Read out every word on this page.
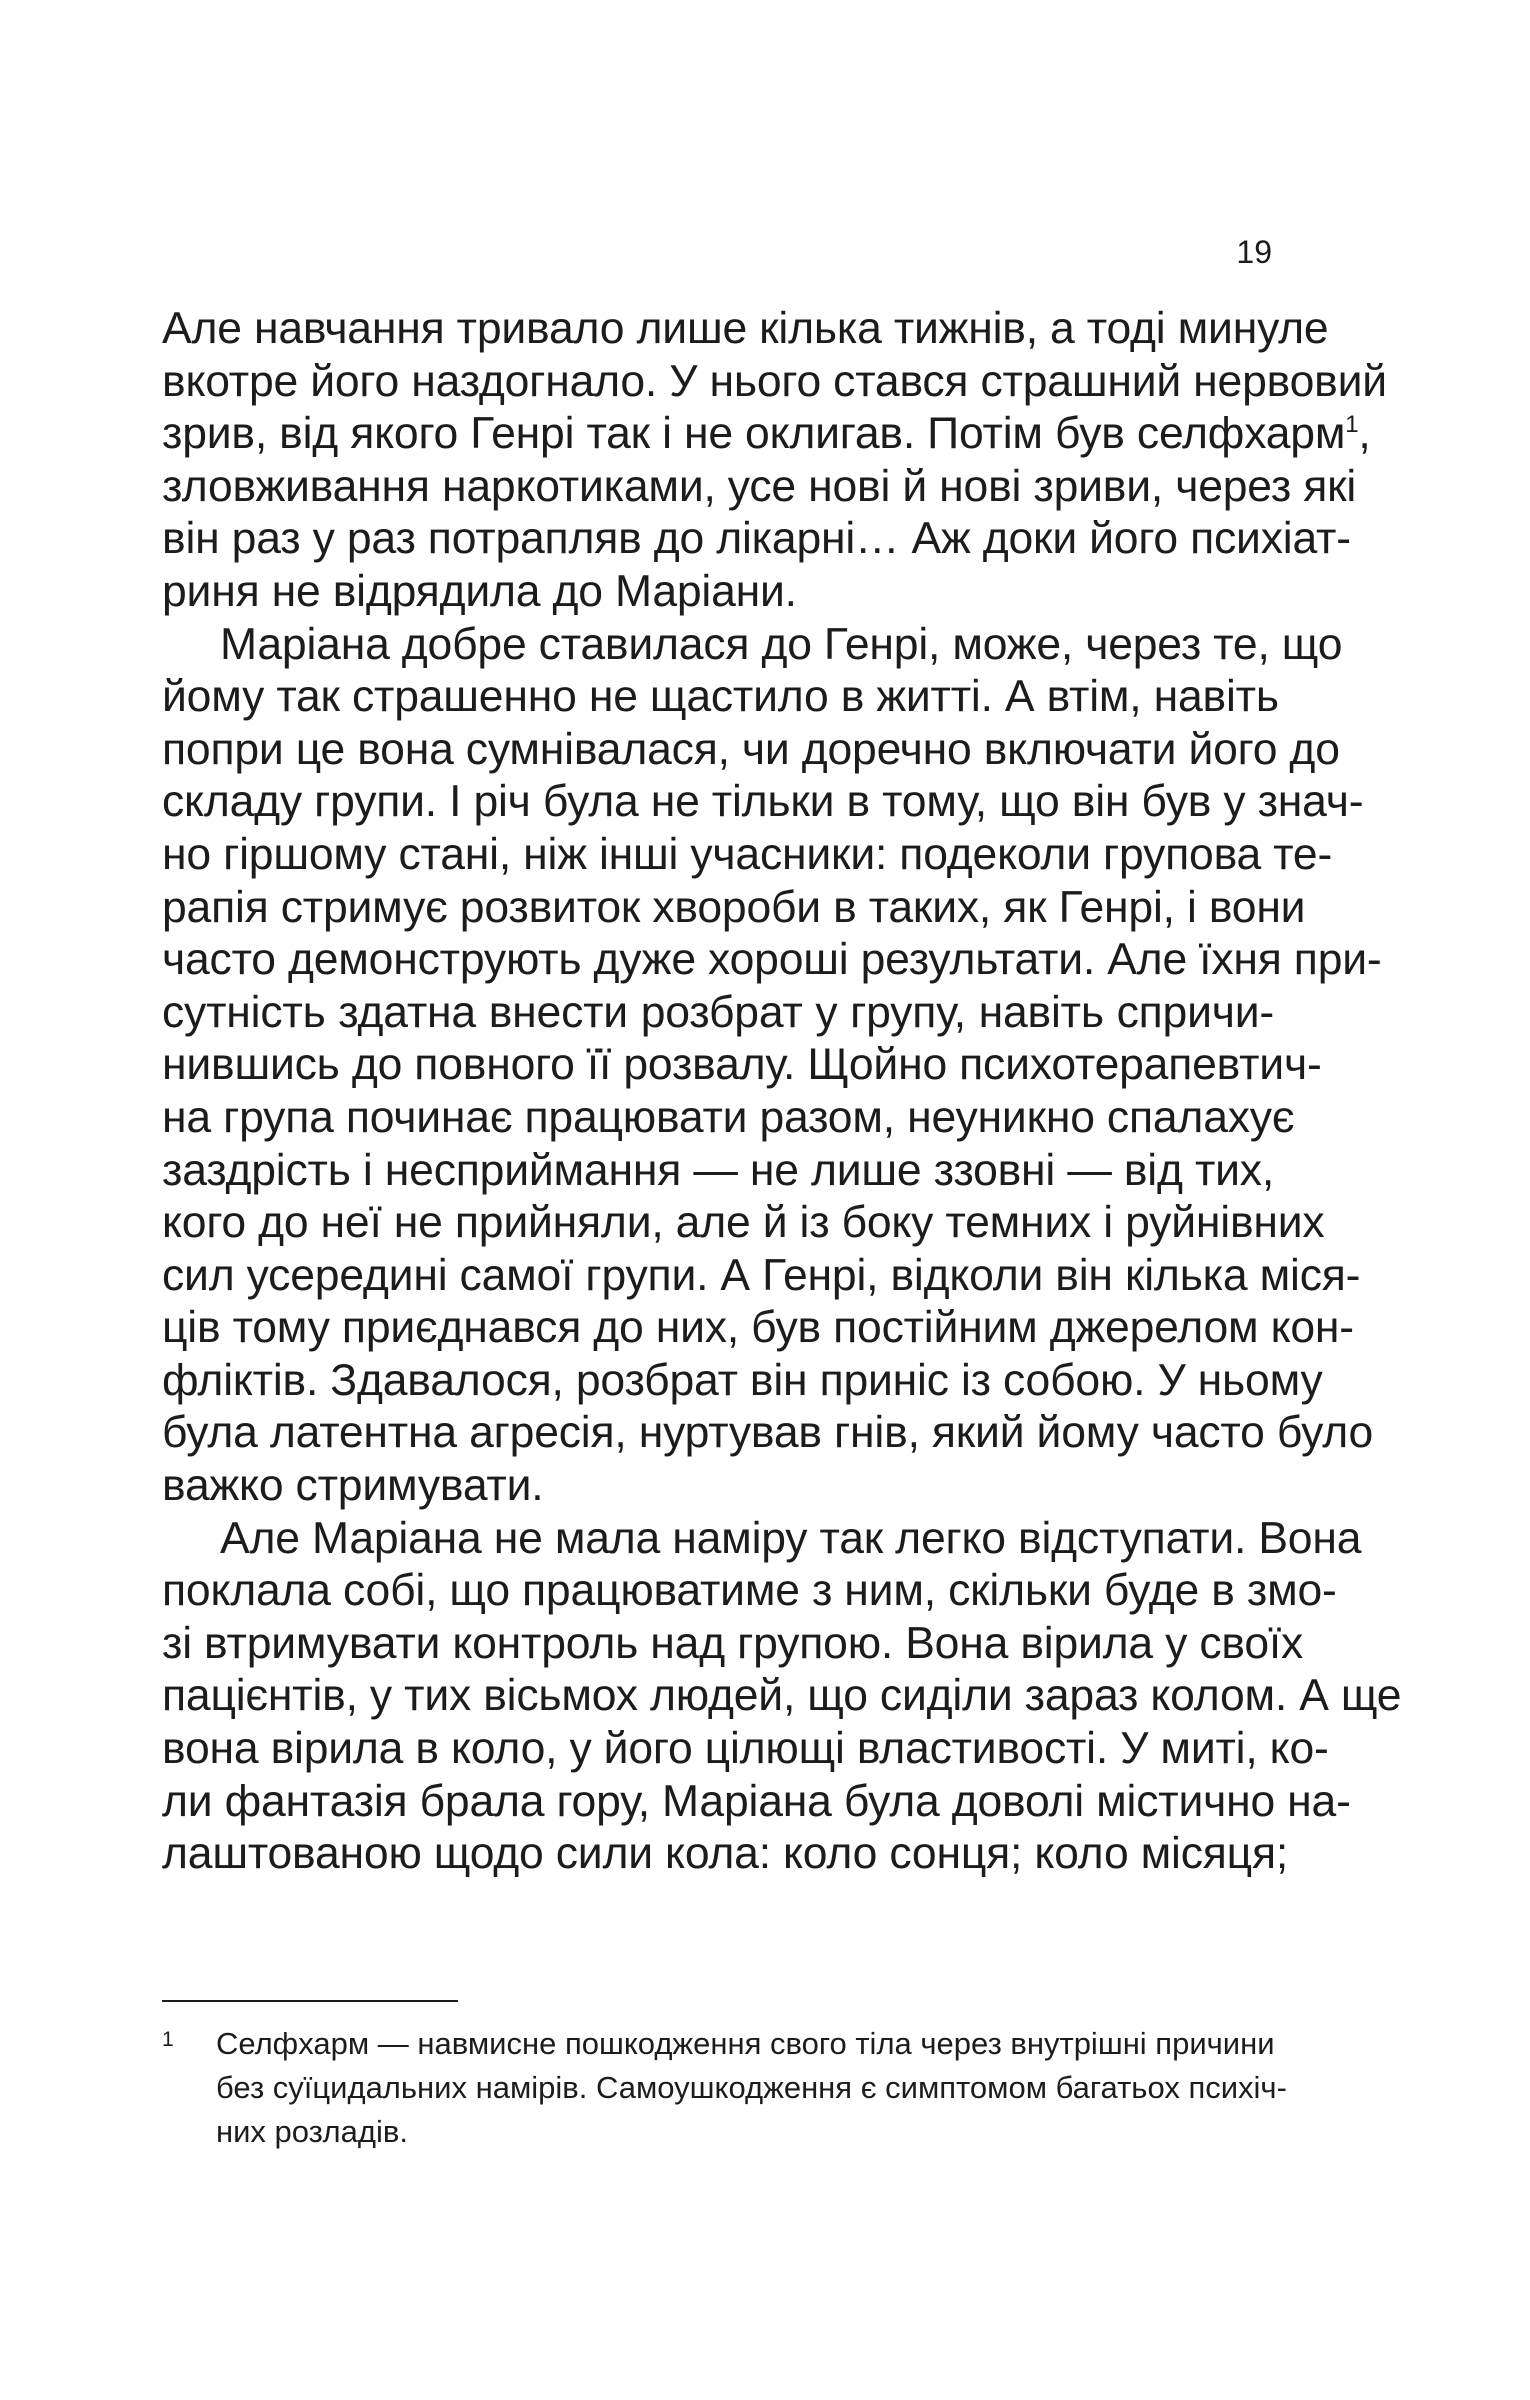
19

Але навчання тривало лише кілька тижнів, а тоді минуле
вкотре його наздогнало. У нього стався страшний нервовий
зрив, від якого Генрі так і не оклигав. Потім був селфхарм$^1$,
зловживання наркотиками, усе нові й нові зриви, через які
він раз у раз потрапляв до лікарні… Аж доки його психіат-
риня не відрядила до Маріани.

Маріана добре ставилася до Генрі, може, через те, що
йому так страшенно не щастило в житті. А втім, навіть
попри це вона сумнівалася, чи доречно включати його до
складу групи. І річ була не тільки в тому, що він був у знач-
но гіршому стані, ніж інші учасники: подеколи групова те-
рапія стримує розвиток хвороби в таких, як Генрі, і вони
часто демонструють дуже хороші результати. Але їхня при-
сутність здатна внести розбрат у групу, навіть спричи-
нившись до повного її розвалу. Щойно психотерапевтич-
на група починає працювати разом, неуникно спалахує
заздрість і несприймання — не лише ззовні — від тих,
кого до неї не прийняли, але й із боку темних і руйнівних
сил усередині самої групи. А Генрі, відколи він кілька міся-
ців тому приєднався до них, був постійним джерелом кон-
фліктів. Здавалося, розбрат він приніс із собою. У ньому
була латентна агресія, нуртував гнів, який йому часто було
важко стримувати.

Але Маріана не мала наміру так легко відступати. Вона
поклала собі, що працюватиме з ним, скільки буде в змо-
зі втримувати контроль над групою. Вона вірила у своїх
пацієнтів, у тих вісьмох людей, що сиділи зараз колом. А ще
вона вірила в коло, у його цілющі властивості. У миті, ко-
ли фантазія брала гору, Маріана була доволі містично на-
лаштованою щодо сили кола: коло сонця; коло місяця;

1 Селфхарм — навмисне пошкодження свого тіла через внутрішні причини
без суїцидальних намірів. Самоушкодження є симптомом багатьох психіч-
них розладів.
